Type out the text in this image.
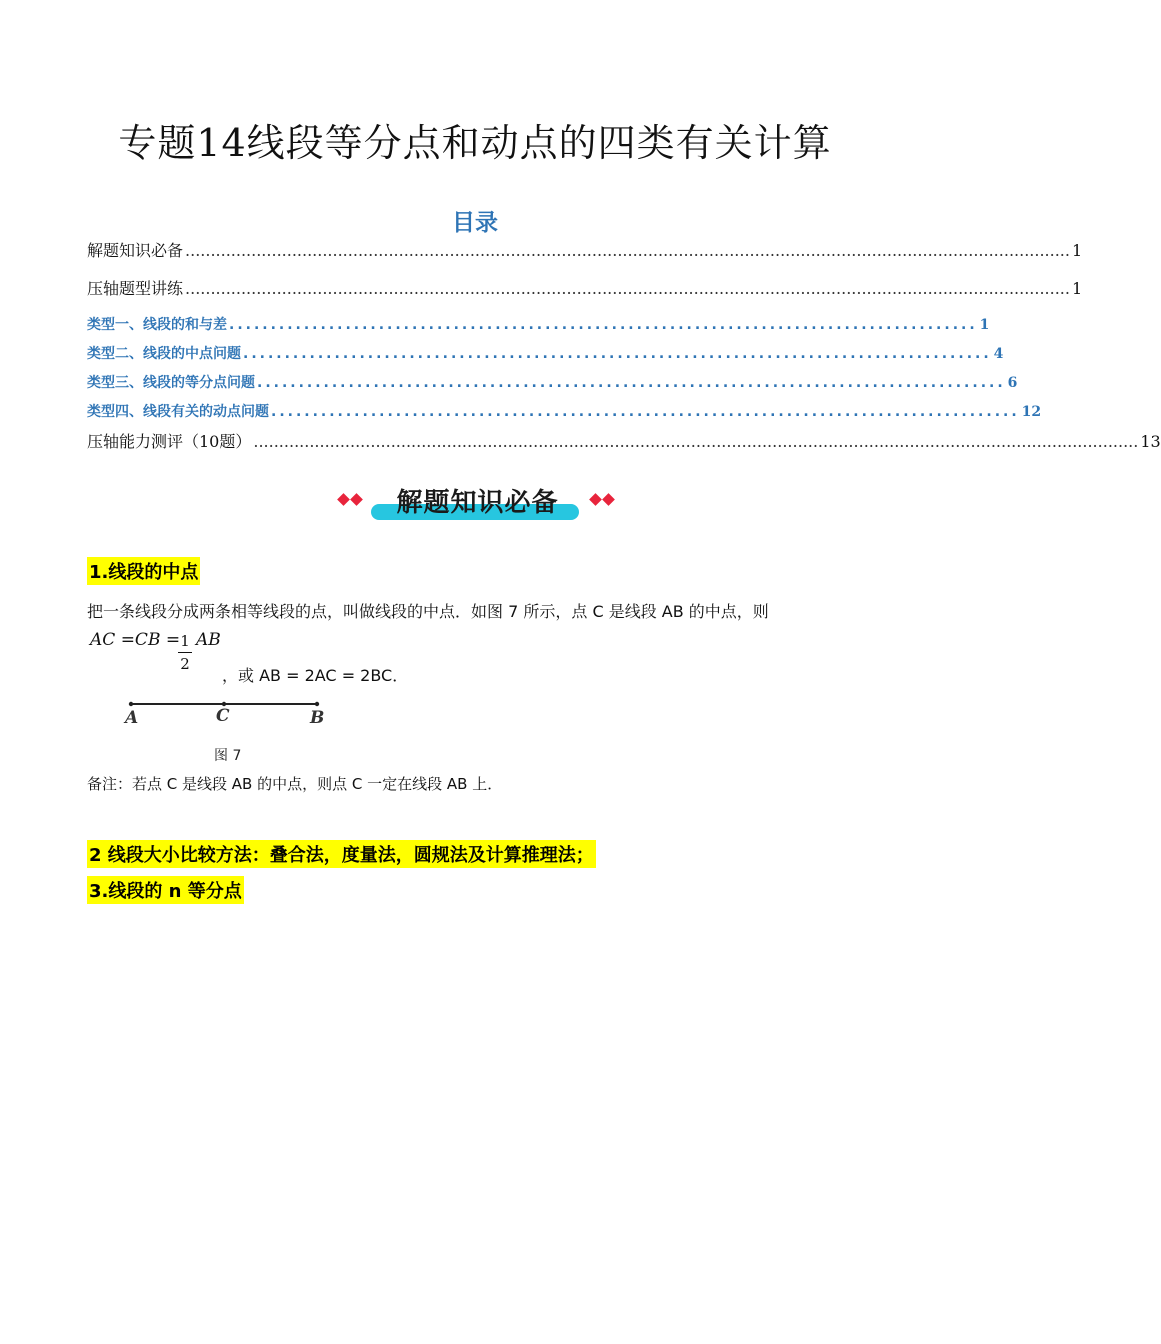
专题14线段等分点和动点的四类有关计算
目录
解题知识必备 .............................................................................................................................................................................. 1
压轴题型讲练 .............................................................................................................................................................................. 1
类型一、线段的和与差 .......................................................................................... 1
类型二、线段的中点问题 .......................................................................................... 4
类型三、线段的等分点问题 .......................................................................................... 6
类型四、线段有关的动点问题 .......................................................................................... 12
压轴能力测评（10题） .............................................................................................................................................................................. 13
解题知识必备
1.线段的中点
把一条线段分成两条相等线段的点，叫做线段的中点．如图 7 所示，点 C 是线段 AB 的中点，则
AC =CB = 1
2
AB
，或 AB = 2AC = 2BC．
A	C	B
图 7
备注：若点 C 是线段 AB 的中点，则点 C 一定在线段 AB 上．
2 线段大小比较方法：叠合法，度量法，圆规法及计算推理法；
3.线段的 n 等分点
